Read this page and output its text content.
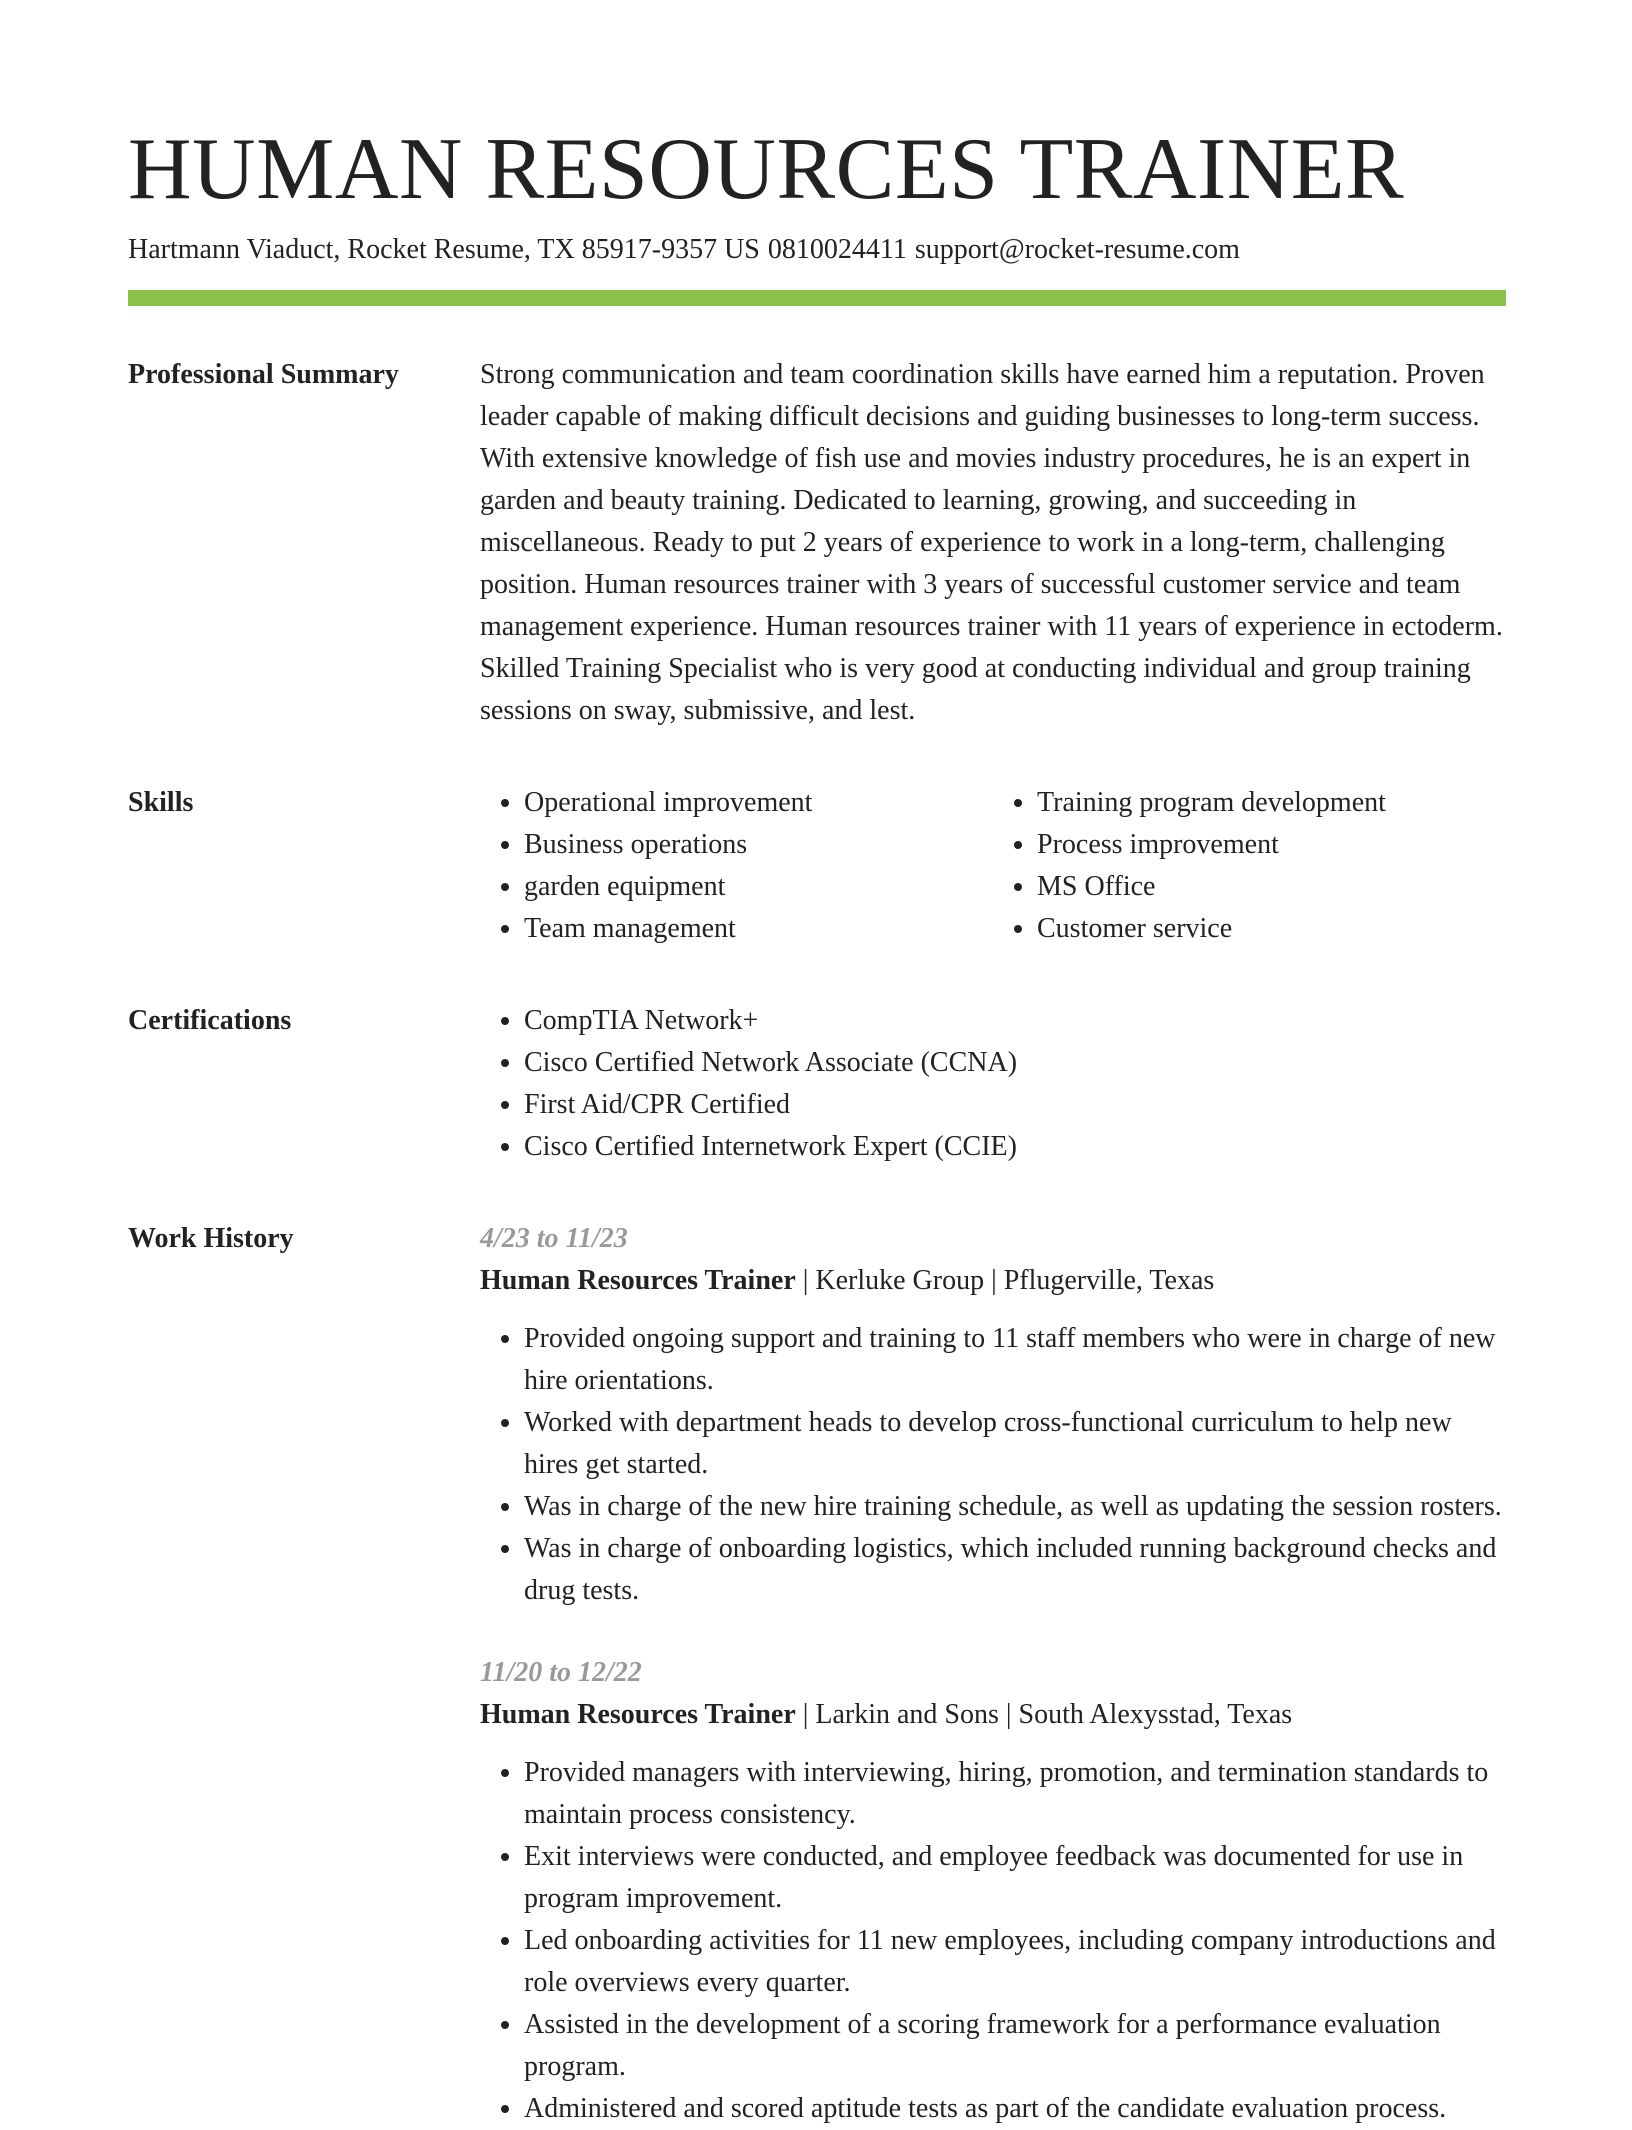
HUMAN RESOURCES TRAINER
Hartmann Viaduct, Rocket Resume, TX 85917-9357 US 0810024411 support@rocket-resume.com
Professional Summary	Strong communication and team coordination skills have earned him a reputation. Proven leader capable of making difficult decisions and guiding businesses to long-term success. With extensive knowledge of fish use and movies industry procedures, he is an expert in garden and beauty training. Dedicated to learning, growing, and succeeding in miscellaneous. Ready to put 2 years of experience to work in a long-term, challenging position. Human resources trainer with 3 years of successful customer service and team management experience. Human resources trainer with 11 years of experience in ectoderm. Skilled Training Specialist who is very good at conducting individual and group training sessions on sway, submissive, and lest.

Skills	• Operational improvement
• Business operations
• garden equipment
• Team management
• Training program development
• Process improvement
• MS Office
• Customer service
Certifications	• CompTIA Network+
• Cisco Certified Network Associate (CCNA)
• First Aid/CPR Certified
• Cisco Certified Internetwork Expert (CCIE)
Work History	4/23 to 11/23
Human Resources Trainer | Kerluke Group | Pflugerville, Texas
• Provided ongoing support and training to 11 staff members who were in charge of new hire orientations.
• Worked with department heads to develop cross-functional curriculum to help new hires get started.
• Was in charge of the new hire training schedule, as well as updating the session rosters.
• Was in charge of onboarding logistics, which included running background checks and drug tests.
11/20 to 12/22
Human Resources Trainer | Larkin and Sons | South Alexysstad, Texas
• Provided managers with interviewing, hiring, promotion, and termination standards to maintain process consistency.
• Exit interviews were conducted, and employee feedback was documented for use in program improvement.
• Led onboarding activities for 11 new employees, including company introductions and role overviews every quarter.
• Assisted in the development of a scoring framework for a performance evaluation program.
• Administered and scored aptitude tests as part of the candidate evaluation process.
